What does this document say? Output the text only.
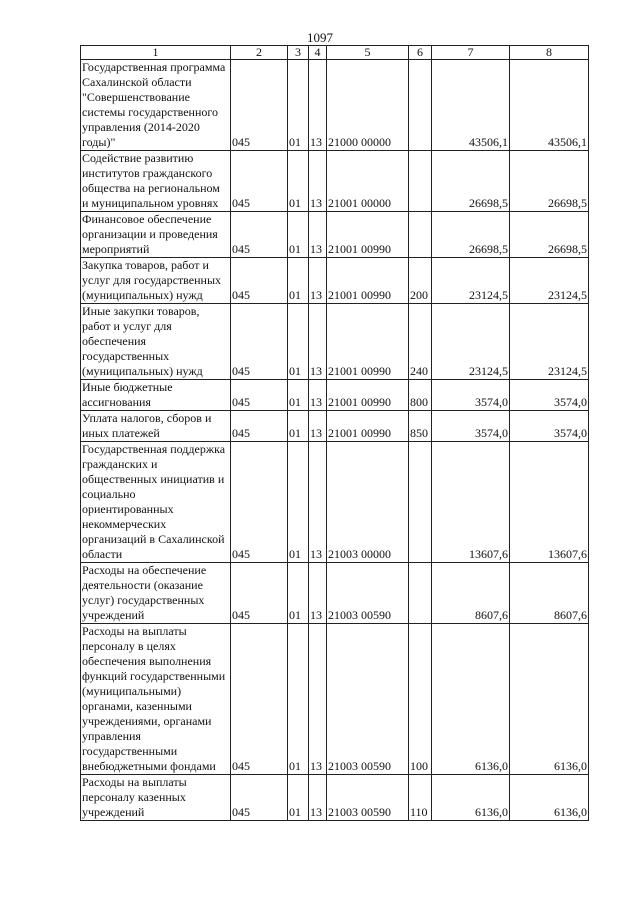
1097
1	2	3	4	5	6	7	8
Государственная программа Сахалинской области "Совершенствование системы государственного управления (2014-2020 годы)"	045	01	13	21000 00000		43506,1	43506,1
Содействие развитию институтов гражданского общества на региональном и муниципальном уровнях	045	01	13	21001 00000		26698,5	26698,5
Финансовое обеспечение организации и проведения мероприятий	045	01	13	21001 00990		26698,5	26698,5
Закупка товаров, работ и услуг для государственных (муниципальных) нужд	045	01	13	21001 00990	200	23124,5	23124,5
Иные закупки товаров, работ и услуг для обеспечения государственных (муниципальных) нужд	045	01	13	21001 00990	240	23124,5	23124,5
Иные бюджетные ассигнования	045	01	13	21001 00990	800	3574,0	3574,0
Уплата налогов, сборов и иных платежей	045	01	13	21001 00990	850	3574,0	3574,0
Государственная поддержка гражданских и общественных инициатив и социально ориентированных некоммерческих организаций в Сахалинской области	045	01	13	21003 00000		13607,6	13607,6
Расходы на обеспечение деятельности (оказание услуг) государственных учреждений	045	01	13	21003 00590		8607,6	8607,6
Расходы на выплаты персоналу в целях обеспечения выполнения функций государственными (муниципальными) органами, казенными учреждениями, органами управления государственными внебюджетными фондами	045	01	13	21003 00590	100	6136,0	6136,0
Расходы на выплаты персоналу казенных учреждений	045	01	13	21003 00590	110	6136,0	6136,0
